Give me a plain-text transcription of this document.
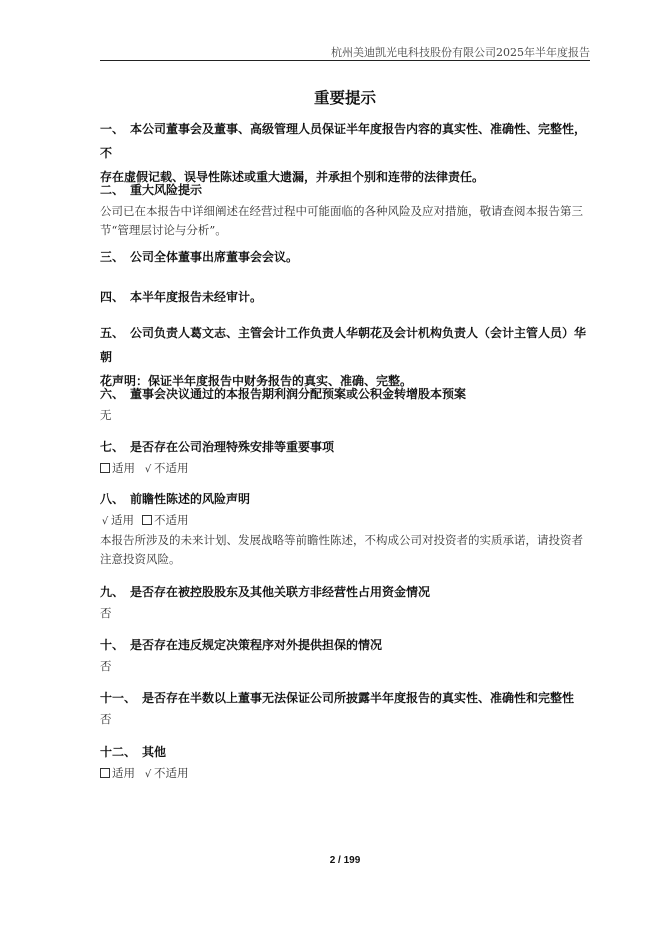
杭州美迪凯光电科技股份有限公司2025年半年度报告
重要提示
一、 本公司董事会及董事、高级管理人员保证半年度报告内容的真实性、准确性、完整性，不
存在虚假记载、误导性陈述或重大遗漏，并承担个别和连带的法律责任。
二、 重大风险提示
公司已在本报告中详细阐述在经营过程中可能面临的各种风险及应对措施，敬请查阅本报告第三
节“管理层讨论与分析”。
三、 公司全体董事出席董事会会议。
四、 本半年度报告未经审计。
五、 公司负责人葛文志、主管会计工作负责人华朝花及会计机构负责人（会计主管人员）华朝
花声明：保证半年度报告中财务报告的真实、准确、完整。
六、 董事会决议通过的本报告期利润分配预案或公积金转增股本预案
无
七、 是否存在公司治理特殊安排等重要事项
适用 √ 不适用
八、 前瞻性陈述的风险声明
√ 适用 不适用
本报告所涉及的未来计划、发展战略等前瞻性陈述，不构成公司对投资者的实质承诺，请投资者
注意投资风险。
九、 是否存在被控股股东及其他关联方非经营性占用资金情况
否
十、 是否存在违反规定决策程序对外提供担保的情况
否
十一、 是否存在半数以上董事无法保证公司所披露半年度报告的真实性、准确性和完整性
否
十二、 其他
适用 √ 不适用
2 / 199
